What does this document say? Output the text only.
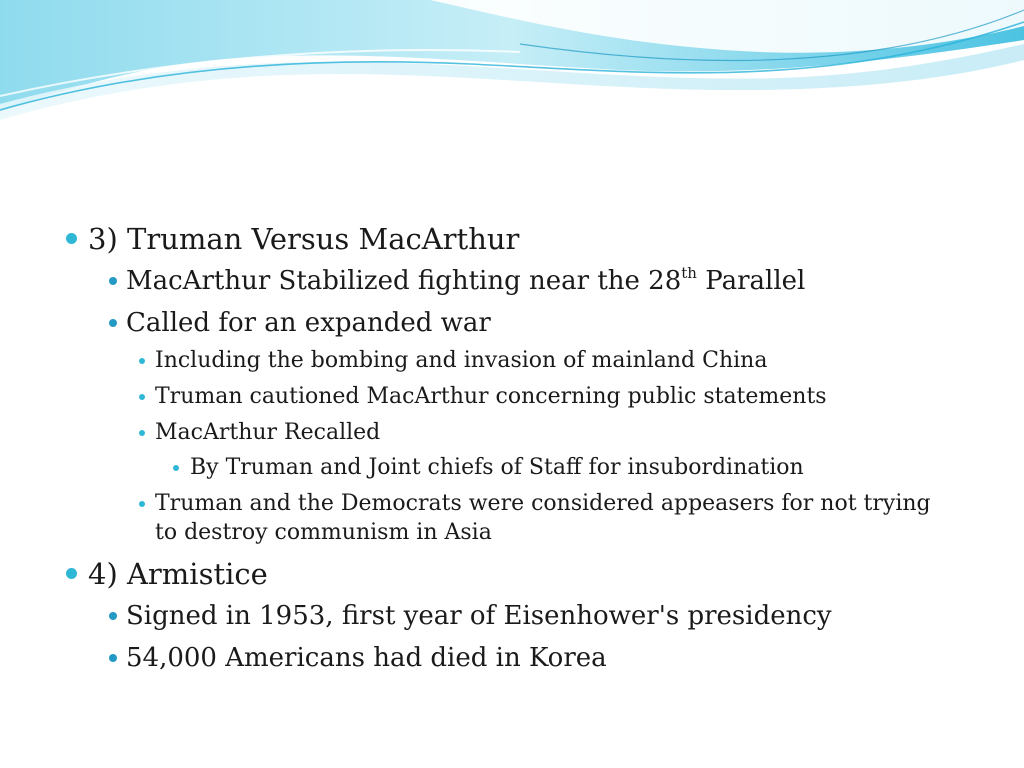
3) Truman Versus MacArthur
MacArthur Stabilized fighting near the 28th Parallel
Called for an expanded war
Including the bombing and invasion of mainland China
Truman cautioned MacArthur concerning public statements
MacArthur Recalled
By Truman and Joint chiefs of Staff for insubordination
Truman and the Democrats were considered appeasers for not trying to destroy communism in Asia
4) Armistice
Signed in 1953, first year of Eisenhower's presidency
54,000 Americans had died in Korea
